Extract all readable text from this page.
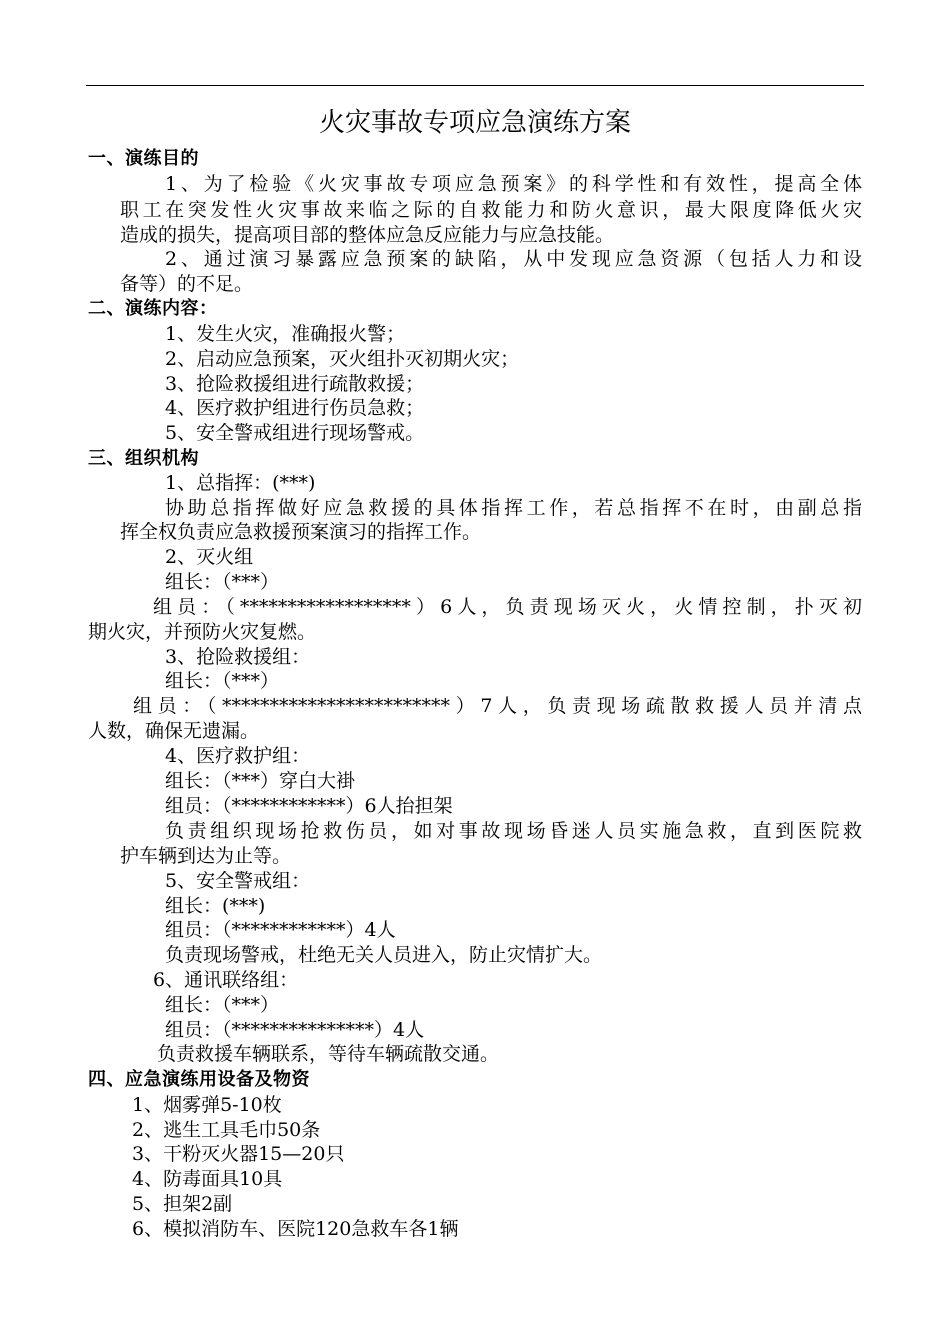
火灾事故专项应急演练方案
一、演练目的
1、为了检验《火灾事故专项应急预案》的科学性和有效性，提高全体
职工在突发性火灾事故来临之际的自救能力和防火意识，最大限度降低火灾
造成的损失，提高项目部的整体应急反应能力与应急技能。
2、通过演习暴露应急预案的缺陷，从中发现应急资源（包括人力和设
备等）的不足。
二、演练内容：
1、发生火灾，准确报火警；
2、启动应急预案，灭火组扑灭初期火灾；
3、抢险救援组进行疏散救援；
4、医疗救护组进行伤员急救；
5、安全警戒组进行现场警戒。
三、组织机构
1、总指挥：(***)
协助总指挥做好应急救援的具体指挥工作，若总指挥不在时，由副总指
挥全权负责应急救援预案演习的指挥工作。
2、灭火组
组长：（***）
组员：（******************）6人，负责现场灭火，火情控制，扑灭初
期火灾，并预防火灾复燃。
3、抢险救援组：
组长：（***）
组员：（************************）7人，负责现场疏散救援人员并清点
人数，确保无遗漏。
4、医疗救护组：
组长：（***）穿白大褂
组员：（************）6人抬担架
负责组织现场抢救伤员，如对事故现场昏迷人员实施急救，直到医院救
护车辆到达为止等。
5、安全警戒组：
组长：(***)
组员：（************）4人
负责现场警戒，杜绝无关人员进入，防止灾情扩大。
6、通讯联络组：
组长：（***）
组员：（***************）4人
负责救援车辆联系，等待车辆疏散交通。
四、应急演练用设备及物资
1、烟雾弹5-10枚
2、逃生工具毛巾50条
3、干粉灭火器15—20只
4、防毒面具10具
5、担架2副
6、模拟消防车、医院120急救车各1辆
